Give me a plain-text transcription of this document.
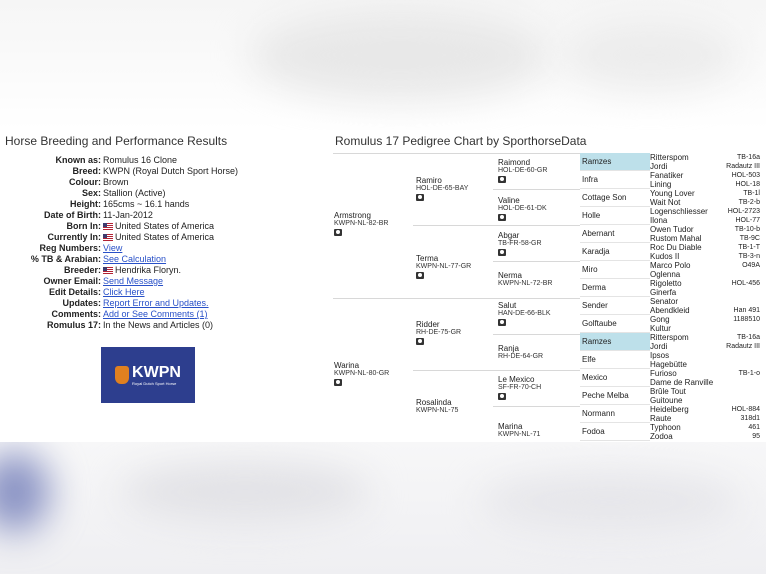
Horse Breeding and Performance Results
Known as: Romulus 16 Clone
Breed: KWPN (Royal Dutch Sport Horse)
Colour: Brown
Sex: Stallion (Active)
Height: 165cms ~ 16.1 hands
Date of Birth: 11-Jan-2012
Born In:	United States of America
Currently In:	United States of America
Reg Numbers: View
% TB & Arabian: See Calculation
Breeder:	Hendrika Floryn.
Owner Email: Send Message
Edit Details: Click Here
Updates: Report Error and Updates.
Comments: Add or See Comments (1)
Romulus 17: In the News and Articles (0)
KWPN
Royal Dutch Sport Horse
Romulus 17 Pedigree Chart by SporthorseData
Armstrong
KWPN-NL-82-BR
Warina
KWPN-NL-80-GR
Ramiro
HOL-DE-65-BAY
Terma
KWPN-NL-77-GR
Ridder
RH-DE-75-GR
Rosalinda
KWPN-NL-75
Raimond
HOL-DE-60-GR
Valine
HOL-DE-61-DK
Abgar
TB-FR-58-GR
Nerma
KWPN-NL-72-BR
Salut
HAN-DE-66-BLK
Ranja
RH-DE-64-GR
Le Mexico
SF-FR-70-CH
Marina
KWPN-NL-71
Ramzes
Infra
Cottage Son
Holle
Abernant
Karadja
Miro
Derma
Sender
Golftaube
Ramzes
Elfe
Mexico
Peche Melba
Normann
Fodoa
Ritterspom	TB-16a
Jordi	Radautz III
Fanatiker	HOL-503
Lining	HOL-18
Young Lover	TB-1l
Wait Not	TB-2-b
Logenschliesser	HOL-2723
Ilona	HOL-77
Owen Tudor	TB-10-b
Rustom Mahal	TB-9C
Roc Du Diable	TB-1-T
Kudos II	TB-3-n
Marco Polo	O49A
Oglenna
Rigoletto	HOL-456
Ginerfa
Senator
Abendkleid	Han 491
Gong	1188510
Kultur
Ritterspom	TB-16a
Jordi	Radautz III
Ipsos
Hagebütte
Furioso	TB-1-o
Dame de Ranville
Brûle Tout
Guitoune
Heidelberg	HOL-884
Raute	318d1
Typhoon	461
Zodoa	95
